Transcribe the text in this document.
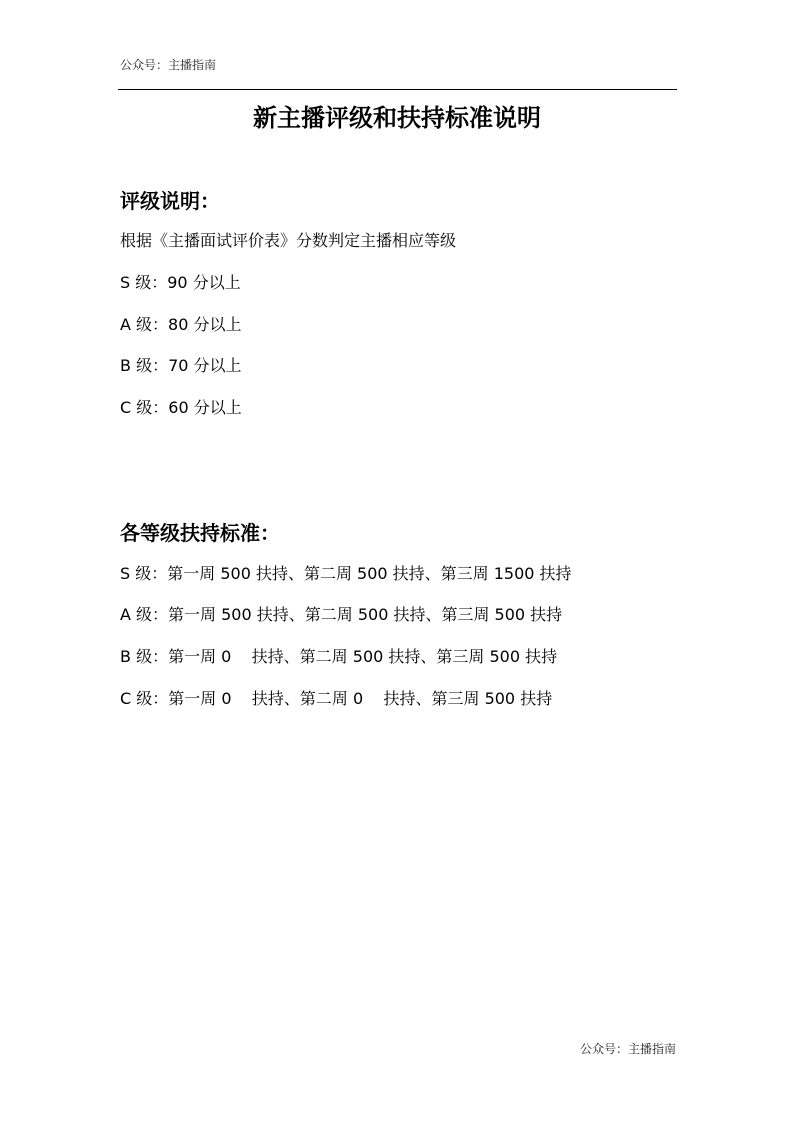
公众号：主播指南
新主播评级和扶持标准说明
评级说明：

根据《主播面试评价表》分数判定主播相应等级

S 级：90 分以上

A 级：80 分以上

B 级：70 分以上

C 级：60 分以上

各等级扶持标准：

S 级：第一周 500 扶持、第二周 500 扶持、第三周 1500 扶持

A 级：第一周 500 扶持、第二周 500 扶持、第三周 500 扶持

B 级：第一周 0    扶持、第二周 500 扶持、第三周 500 扶持

C 级：第一周 0    扶持、第二周 0    扶持、第三周 500 扶持

公众号：主播指南
